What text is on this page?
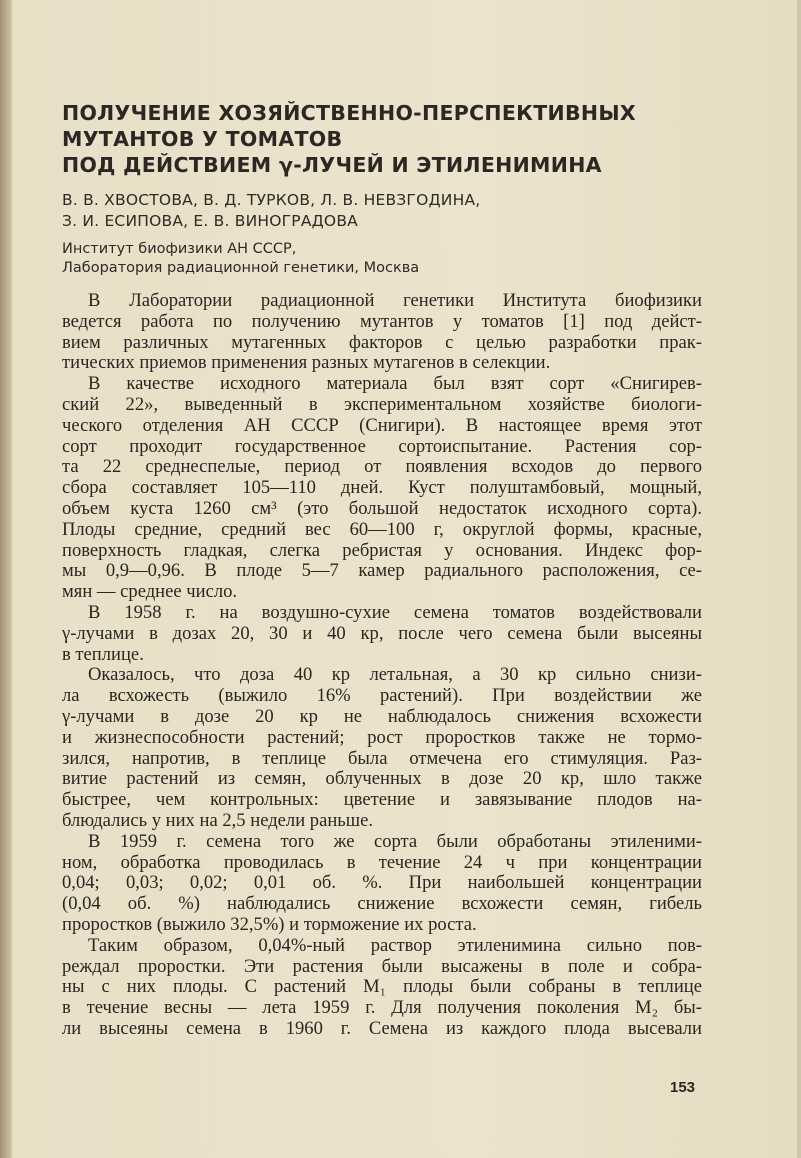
ПОЛУЧЕНИЕ ХОЗЯЙСТВЕННО-ПЕРСПЕКТИВНЫХ
МУТАНТОВ У ТОМАТОВ
ПОД ДЕЙСТВИЕМ γ-ЛУЧЕЙ И ЭТИЛЕНИМИНА
В. В. ХВОСТОВА, В. Д. ТУРКОВ, Л. В. НЕВЗГОДИНА,
З. И. ЕСИПОВА, Е. В. ВИНОГРАДОВА
Институт биофизики АН СССР,
Лаборатория радиационной генетики, Москва
В Лаборатории радиационной генетики Института биофизики
ведется работа по получению мутантов у томатов [1] под дейст-
вием различных мутагенных факторов с целью разработки прак-
тических приемов применения разных мутагенов в селекции.
В качестве исходного материала был взят сорт «Снигирев-
ский 22», выведенный в экспериментальном хозяйстве биологи-
ческого отделения АН СССР (Снигири). В настоящее время этот
сорт проходит государственное сортоиспытание. Растения сор-
та 22 среднеспелые, период от появления всходов до первого
сбора составляет 105—110 дней. Куст полуштамбовый, мощный,
объем куста 1260 см³ (это большой недостаток исходного сорта).
Плоды средние, средний вес 60—100 г, округлой формы, красные,
поверхность гладкая, слегка ребристая у основания. Индекс фор-
мы 0,9—0,96. В плоде 5—7 камер радиального расположения, се-
мян — среднее число.
В 1958 г. на воздушно-сухие семена томатов воздействовали
γ-лучами в дозах 20, 30 и 40 кр, после чего семена были высеяны
в теплице.
Оказалось, что доза 40 кр летальная, а 30 кр сильно снизи-
ла всхожесть (выжило 16% растений). При воздействии же
γ-лучами в дозе 20 кр не наблюдалось снижения всхожести
и жизнеспособности растений; рост проростков также не тормо-
зился, напротив, в теплице была отмечена его стимуляция. Раз-
витие растений из семян, облученных в дозе 20 кр, шло также
быстрее, чем контрольных: цветение и завязывание плодов на-
блюдались у них на 2,5 недели раньше.
В 1959 г. семена того же сорта были обработаны этиленими-
ном, обработка проводилась в течение 24 ч при концентрации
0,04; 0,03; 0,02; 0,01 об. %. При наибольшей концентрации
(0,04 об. %) наблюдались снижение всхожести семян, гибель
проростков (выжило 32,5%) и торможение их роста.
Таким образом, 0,04%-ный раствор этиленимина сильно пов-
реждал проростки. Эти растения были высажены в поле и собра-
ны с них плоды. С растений M₁ плоды были собраны в теплице
в течение весны — лета 1959 г. Для получения поколения M₂ бы-
ли высеяны семена в 1960 г. Семена из каждого плода высевали
153
